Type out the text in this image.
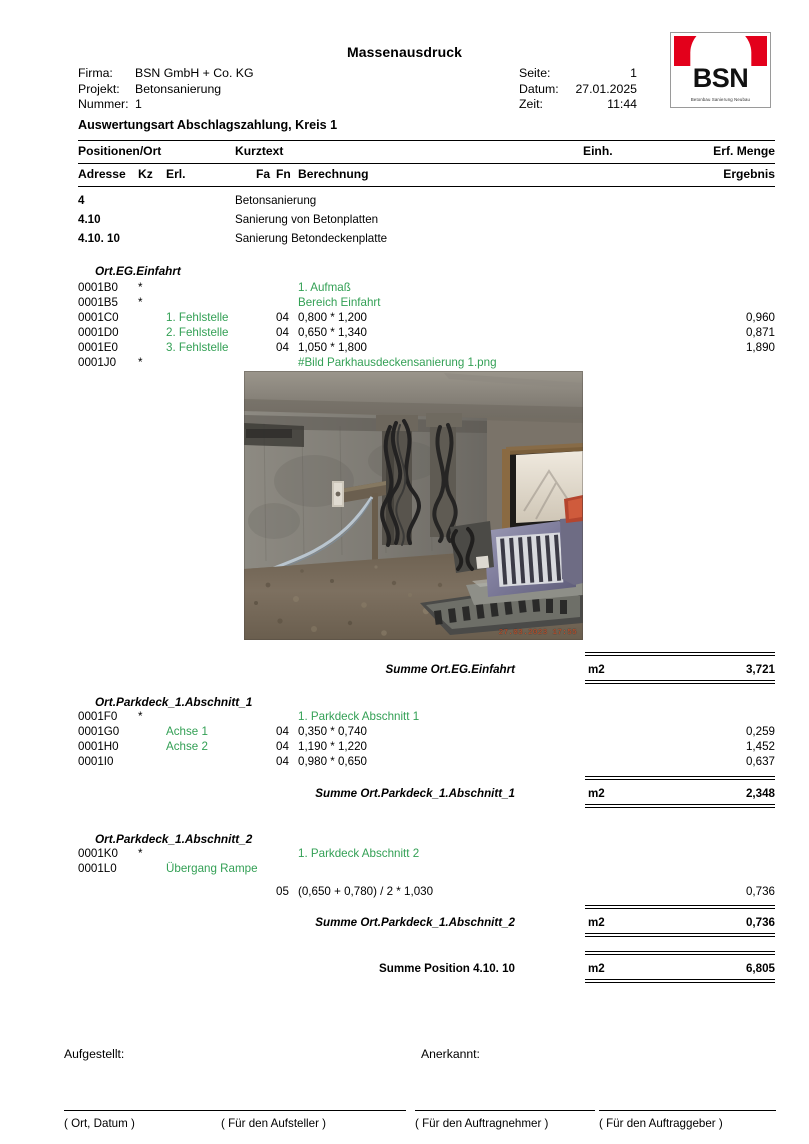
Massenausdruck
Firma:	BSN GmbH + Co. KG
Projekt:	Betonsanierung
Nummer: 1
Seite:	1
Datum:	27.01.2025
Zeit:	11:44
BSN
Betonbau Sanierung Neubau
Auswertungsart Abschlagszahlung, Kreis 1
Positionen/Ort	Kurztext	Einh.	Erf. Menge
Adresse Kz Erl.	Fa Fn Berechnung	Ergebnis
4	Betonsanierung
4.10	Sanierung von Betonplatten
4.10. 10	Sanierung Betondeckenplatte
Ort.EG.Einfahrt
0001B0 *	1. Aufmaß
0001B5 *	Bereich Einfahrt
0001C0	1. Fehlstelle	04 0,800 * 1,200	0,960
0001D0	2. Fehlstelle	04 0,650 * 1,340	0,871
0001E0	3. Fehlstelle	04 1,050 * 1,800	1,890
0001J0 *	#Bild Parkhausdeckensanierung 1.png
27.03.2023 17:55
Summe Ort.EG.Einfahrt	m2	3,721
Ort.Parkdeck_1.Abschnitt_1
0001F0 *	1. Parkdeck Abschnitt 1
0001G0	Achse 1	04 0,350 * 0,740	0,259
0001H0	Achse 2	04 1,190 * 1,220	1,452
0001I0	04 0,980 * 0,650	0,637
Summe Ort.Parkdeck_1.Abschnitt_1	m2	2,348
Ort.Parkdeck_1.Abschnitt_2
0001K0 *	1. Parkdeck Abschnitt 2
0001L0	Übergang Rampe
05 (0,650 + 0,780) / 2 * 1,030	0,736
Summe Ort.Parkdeck_1.Abschnitt_2	m2	0,736
Summe Position 4.10. 10	m2	6,805
Aufgestellt:	Anerkannt:
( Ort, Datum )	( Für den Aufsteller )	( Für den Auftragnehmer )	( Für den Auftraggeber )
